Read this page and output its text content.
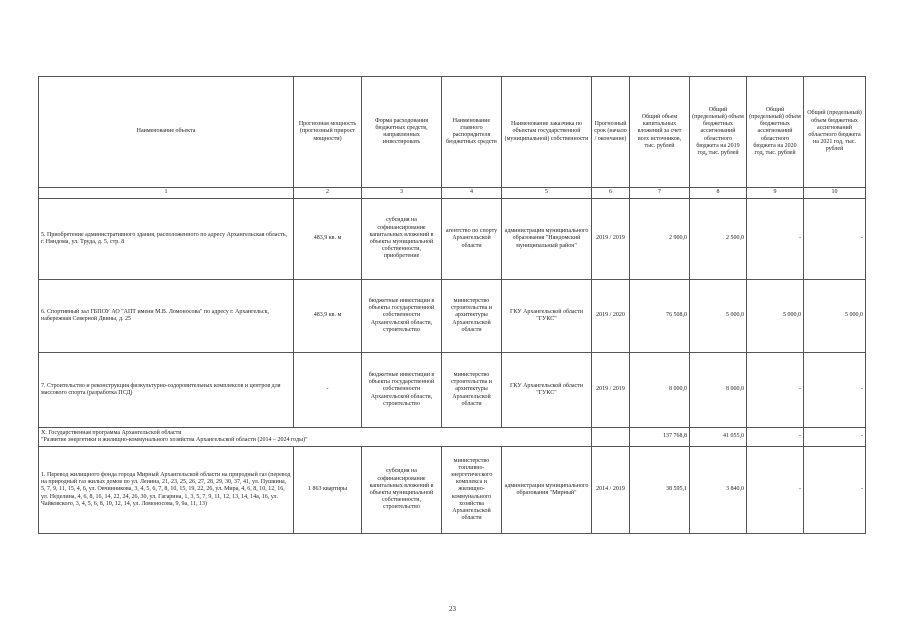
Наименование объекта	Прогнозная мощность (прогнозный прирост мощности)	Форма расходования бюджетных средств, направленных инвестировать	Наименование главного распорядителя бюджетных средств	Наименование заказчика по объектам государственной (муниципальной) собственности	Прогнозный срок (начало / окончание)	Общий объем капитальных вложений за счет всех источников, тыс. рублей	Общий (предельный) объем бюджетных ассигнований областного бюджета на 2019 год, тыс. рублей	Общий (предельный) объем бюджетных ассигнований областного бюджета на 2020 год, тыс. рублей	Общий (предельный) объем бюджетных ассигнований областного бюджета на 2021 год, тыс. рублей
1	2	3	4	5	6	7	8	9	10
5. Приобретение административного здания, расположенного по адресу Архангельская область, г. Няндома, ул. Труда, д. 5, стр. 8	483,9 кв. м	субсидия на софинансирование капитальных вложений в объекты муниципальной собственности, приобретение	агентство по спорту Архангельской области	администрация муниципального образования "Няндомский муниципальный район"	2019 / 2019	2 900,0	2 500,0	-	-
6. Спортивный зал ГБПОУ АО "АПТ имени М.В. Ломоносова" по адресу г. Архангельск, набережная Северной Двины, д. 25	483,9 кв. м	бюджетные инвестиции в объекты государственной собственности Архангельской области, строительство	министерство строительства и архитектуры Архангельской области	ГКУ Архангельской области "ГУКС"	2019 / 2020	76 508,0	5 000,0	5 000,0	5 000,0
7. Строительство и реконструкция физкультурно-оздоровительных комплексов и центров для массового спорта (разработка ПСД)	-	бюджетные инвестиции в объекты государственной собственности Архангельской области, строительство	министерство строительства и архитектуры Архангельской области	ГКУ Архангельской области "ГУКС"	2019 / 2019	8 000,0	8 000,0	-	-

X. Государственная программа Архангельской области
"Развитие энергетики и жилищно-коммунального хозяйства Архангельской области (2014 – 2024 годы)"						137 768,8	41 055,0	-	-
1. Перевод жилищного фонда города Мирный Архангельской области на природный газ (перевод на природный газ жилых домов по ул. Ленина, 21, 23, 25, 26, 27, 28, 29, 30, 37, 41, ул. Пушкина, 5, 7, 9, 11, 15, 4, 6, ул. Овчинникова, 3, 4, 5, 6, 7, 8, 10, 15, 19, 22, 26, ул. Мира, 4, 6, 8, 10, 12, 16, ул. Неделина, 4, 6, 8, 16, 14, 22, 24, 26, 30, ул. Гагарина, 1, 3, 5, 7, 9, 11, 12, 13, 14, 14а, 16, ул. Чайковского, 3, 4, 5, 6, 8, 10, 12, 14, ул. Ломоносова, 9, 9а, 11, 13)	1 863 квартиры	субсидия на софинансирование капитальных вложений в объекты муниципальной собственности, строительство	министерство топливно-энергетического комплекса и жилищно-коммунального хозяйства Архангельской области	администрация муниципального образования "Мирный"	2014 / 2019	38 595,1	3 840,0	-	-
23
